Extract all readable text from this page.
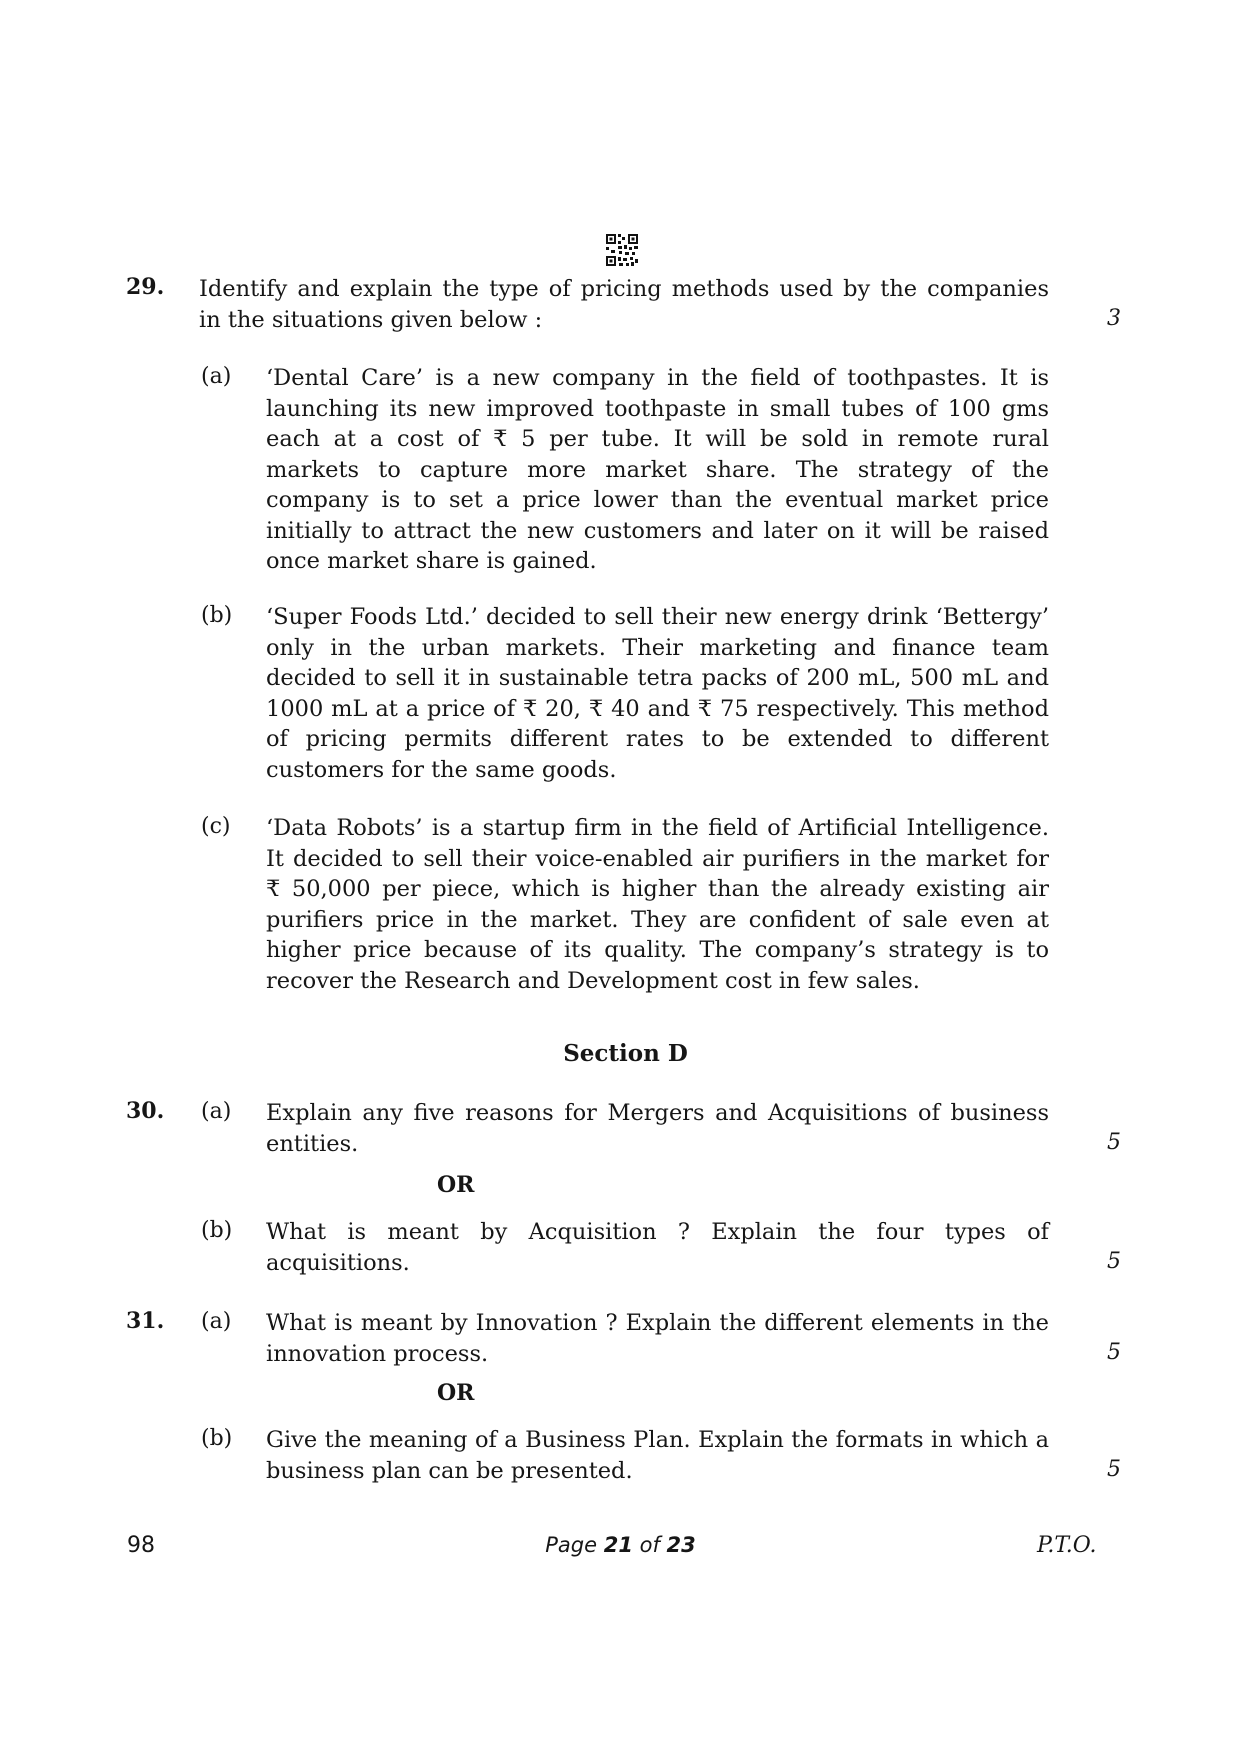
29. Identify and explain the type of pricing methods used by the companies
in the situations given below :	3
(a) ‘Dental Care’ is a new company in the field of toothpastes. It is launching its new improved toothpaste in small tubes of 100 gms each at a cost of ₹ 5 per tube. It will be sold in remote rural markets to capture more market share. The strategy of the company is to set a price lower than the eventual market price initially to attract the new customers and later on it will be raised once market share is gained.
(b) ‘Super Foods Ltd.’ decided to sell their new energy drink ‘Bettergy’ only in the urban markets. Their marketing and finance team decided to sell it in sustainable tetra packs of 200 mL, 500 mL and 1000 mL at a price of ₹ 20, ₹ 40 and ₹ 75 respectively. This method of pricing permits different rates to be extended to different customers for the same goods.
(c) ‘Data Robots’ is a startup firm in the field of Artificial Intelligence. It decided to sell their voice-enabled air purifiers in the market for ₹ 50,000 per piece, which is higher than the already existing air purifiers price in the market. They are confident of sale even at higher price because of its quality. The company’s strategy is to recover the Research and Development cost in few sales.
Section D
30. (a) Explain any five reasons for Mergers and Acquisitions of business entities.	5
OR
(b) What is meant by Acquisition ? Explain the four types of acquisitions.	5
31. (a) What is meant by Innovation ? Explain the different elements in the innovation process.	5
OR
(b) Give the meaning of a Business Plan. Explain the formats in which a business plan can be presented.	5
98	Page 21 of 23	P.T.O.
